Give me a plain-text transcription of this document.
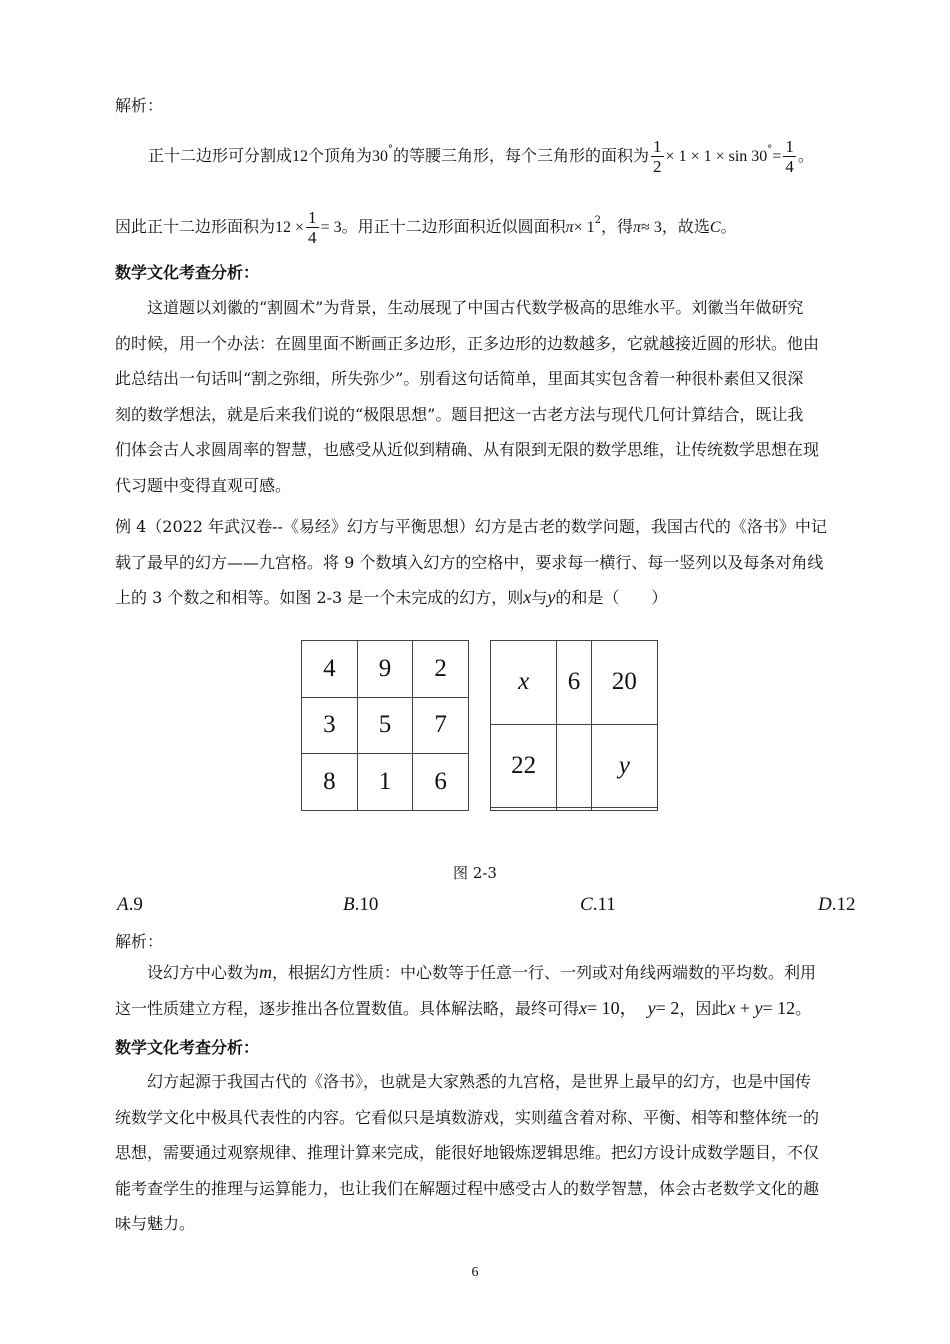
解析：
正十二边形可分割成12个顶角为30°的等腰三角形，每个三角形的面积为 $\frac{1}{2} \times 1 \times 1 \times \sin 30^\circ= \frac{1}{4}$ 。
因此正十二边形面积为$12 \times \frac{1}{4} = 3$。用正十二边形面积近似圆面积$\pi\times 1^2$，得π≈ 3，故选C。
数学文化考查分析：
这道题以刘徽的“割圆术”为背景，生动展现了中国古代数学极高的思维水平。刘徽当年做研究
的时候，用一个办法：在圆里面不断画正多边形，正多边形的边数越多，它就越接近圆的形状。他由
此总结出一句话叫“割之弥细，所失弥少”。别看这句话简单，里面其实包含着一种很朴素但又很深
刻的数学想法，就是后来我们说的“极限思想”。题目把这一古老方法与现代几何计算结合，既让我
们体会古人求圆周率的智慧，也感受从近似到精确、从有限到无限的数学思维，让传统数学思想在现
代习题中变得直观可感。
例 4（2022 年武汉卷--《易经》幻方与平衡思想）幻方是古老的数学问题，我国古代的《洛书》中记
载了最早的幻方——九宫格。将 9 个数填入幻方的空格中，要求每一横行、每一竖列以及每条对角线
上的 3 个数之和相等。如图 2-3 是一个未完成的幻方，则x与y的和是（　　）
4	9	2
3	5	7
8	1	6
x	6	20
22		y

图 2-3
A.9	B.10	C.11	D.12
解析：
设幻方中心数为m，根据幻方性质：中心数等于任意一行、一列或对角线两端数的平均数。利用
这一性质建立方程，逐步推出各位置数值。具体解法略，最终可得x= 10， y= 2，因此x + y= 12。
数学文化考查分析：
幻方起源于我国古代的《洛书》，也就是大家熟悉的九宫格，是世界上最早的幻方，也是中国传
统数学文化中极具代表性的内容。它看似只是填数游戏，实则蕴含着对称、平衡、相等和整体统一的
思想，需要通过观察规律、推理计算来完成，能很好地锻炼逻辑思维。把幻方设计成数学题目，不仅
能考查学生的推理与运算能力，也让我们在解题过程中感受古人的数学智慧，体会古老数学文化的趣
味与魅力。
6
